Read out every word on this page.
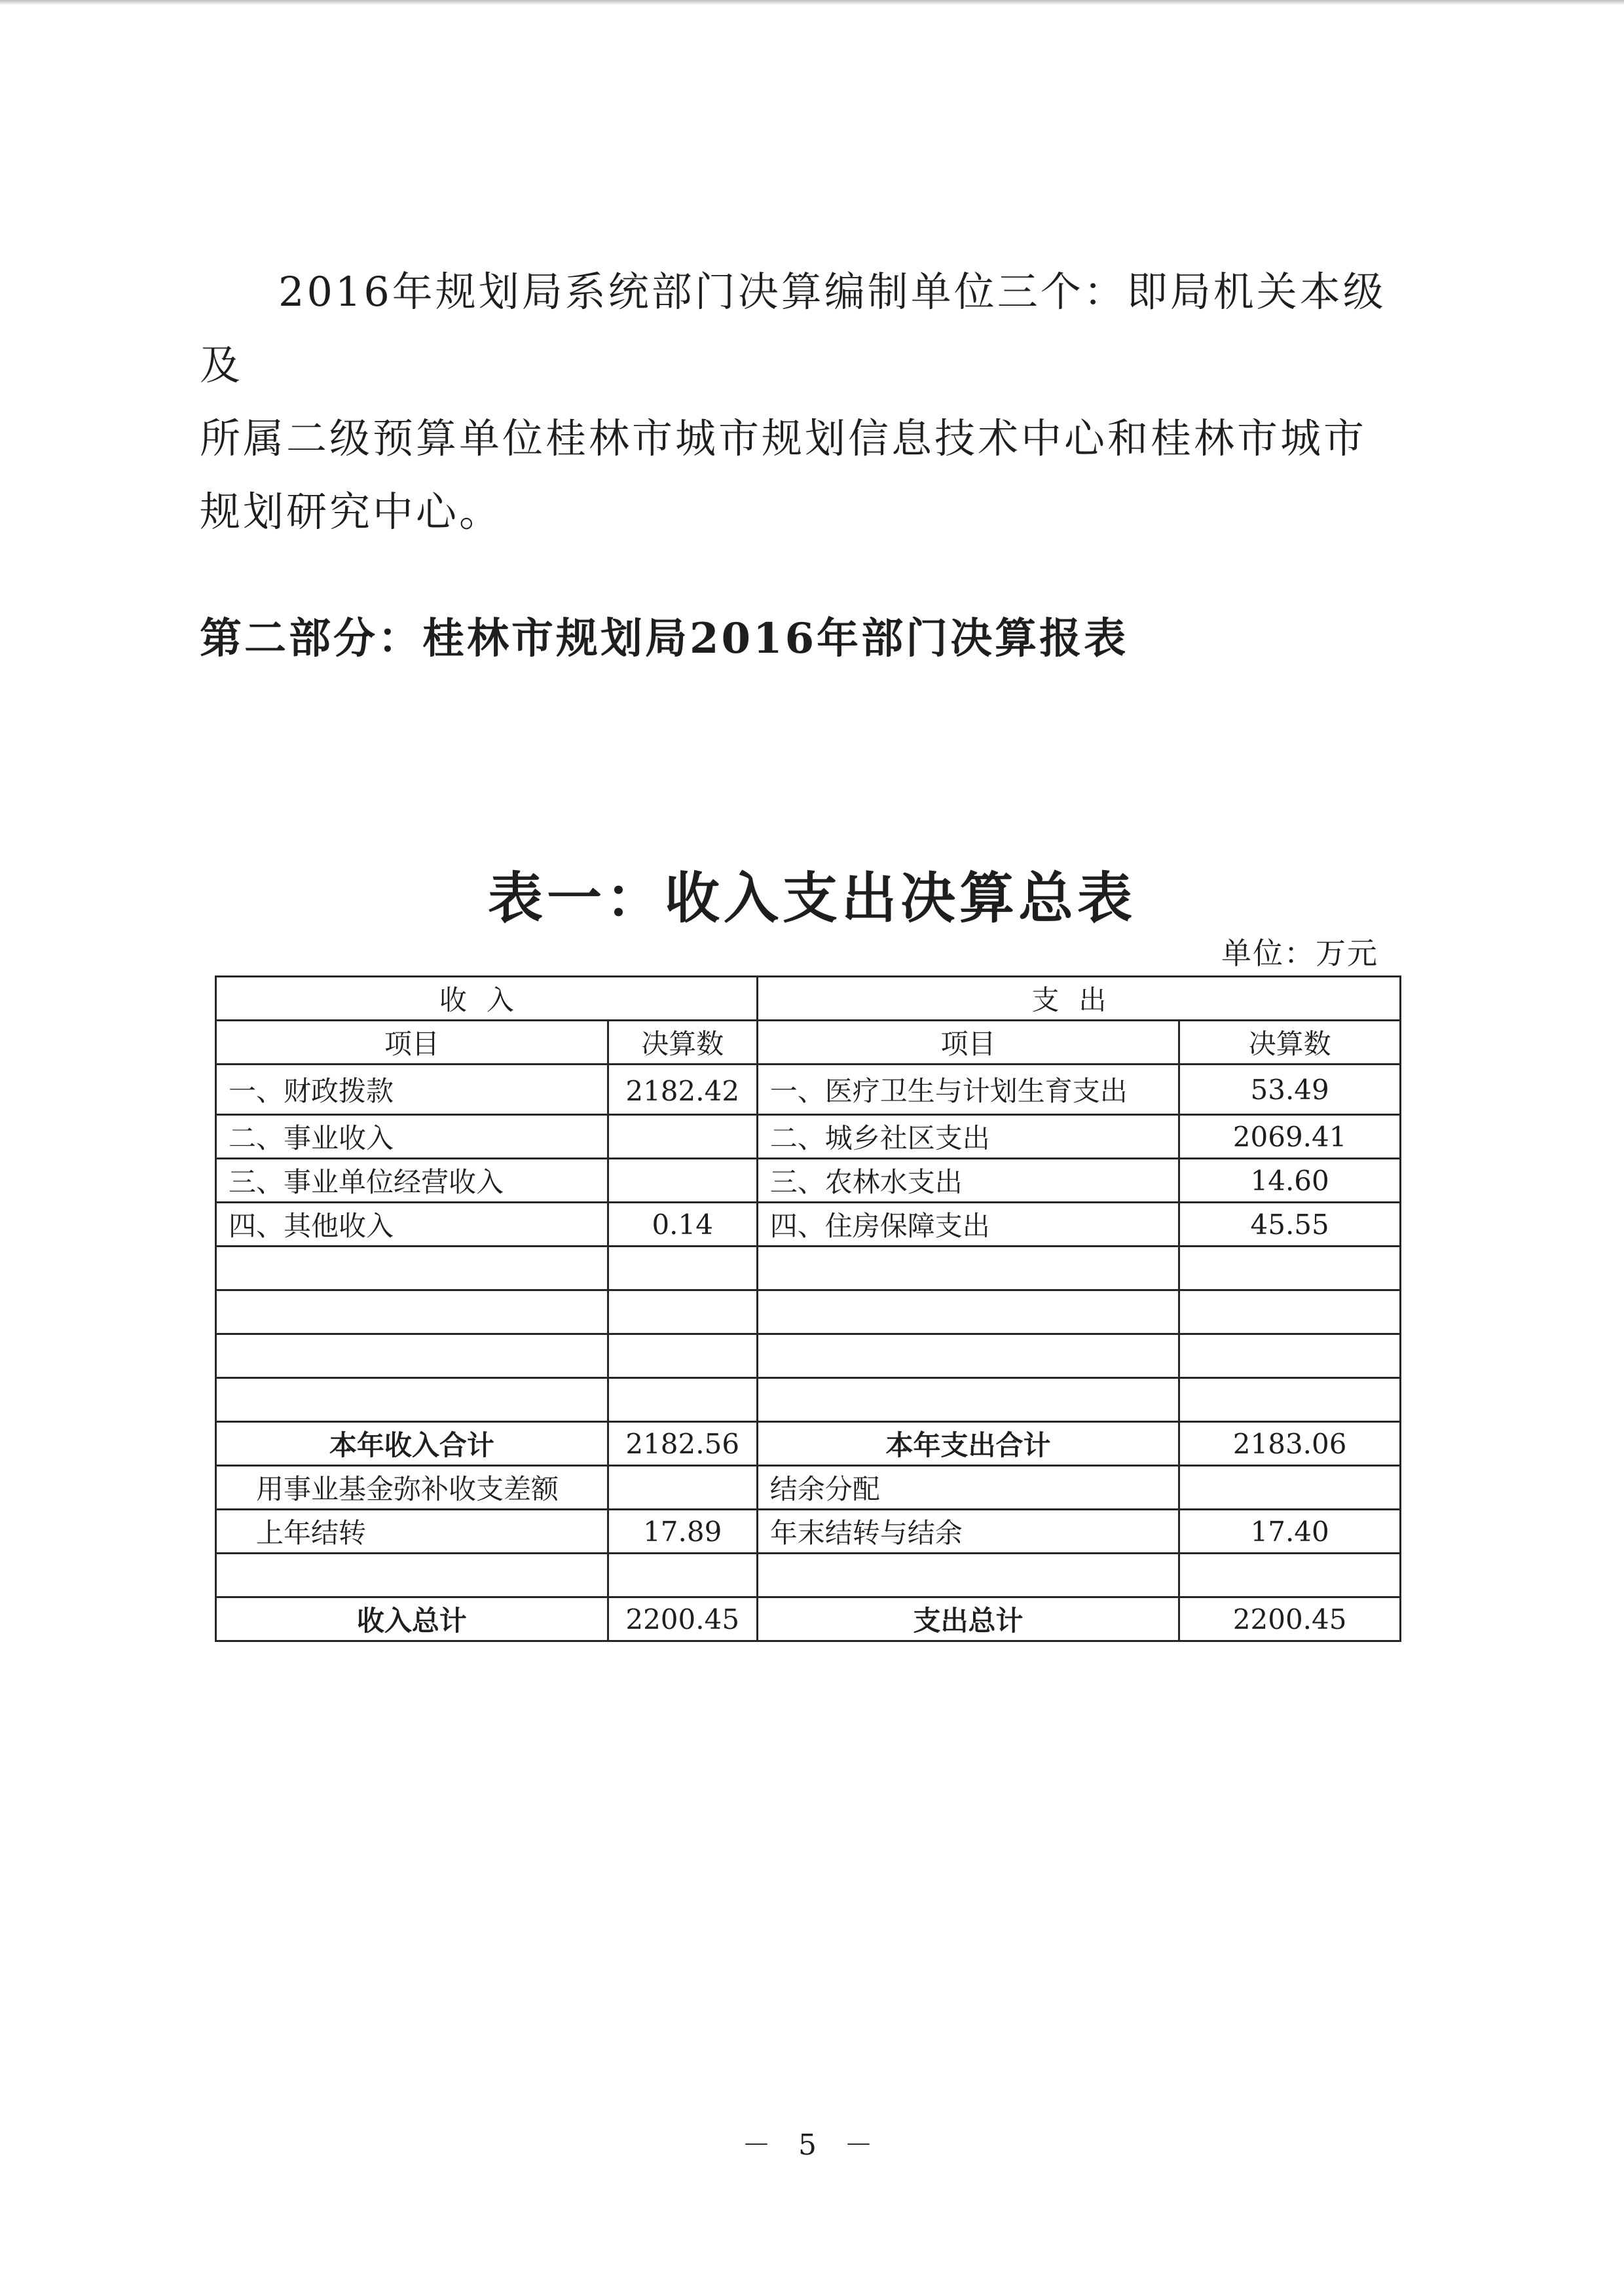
2016年规划局系统部门决算编制单位三个：即局机关本级及

所属二级预算单位桂林市城市规划信息技术中心和桂林市城市

规划研究中心。

第二部分：桂林市规划局2016年部门决算报表
表一：收入支出决算总表
单位：万元
收入		支出	
项目	决算数	项目	决算数
一、财政拨款	2182.42	一、医疗卫生与计划生育支出	53.49
二、事业收入		二、城乡社区支出	2069.41
三、事业单位经营收入		三、农林水支出	14.60
四、其他收入	0.14	四、住房保障支出	45.55

本年收入合计	2182.56	本年支出合计	2183.06
用事业基金弥补收支差额		结余分配	
上年结转	17.89	年末结转与结余	17.40

收入总计	2200.45	支出总计	2200.45
－ 5 －
